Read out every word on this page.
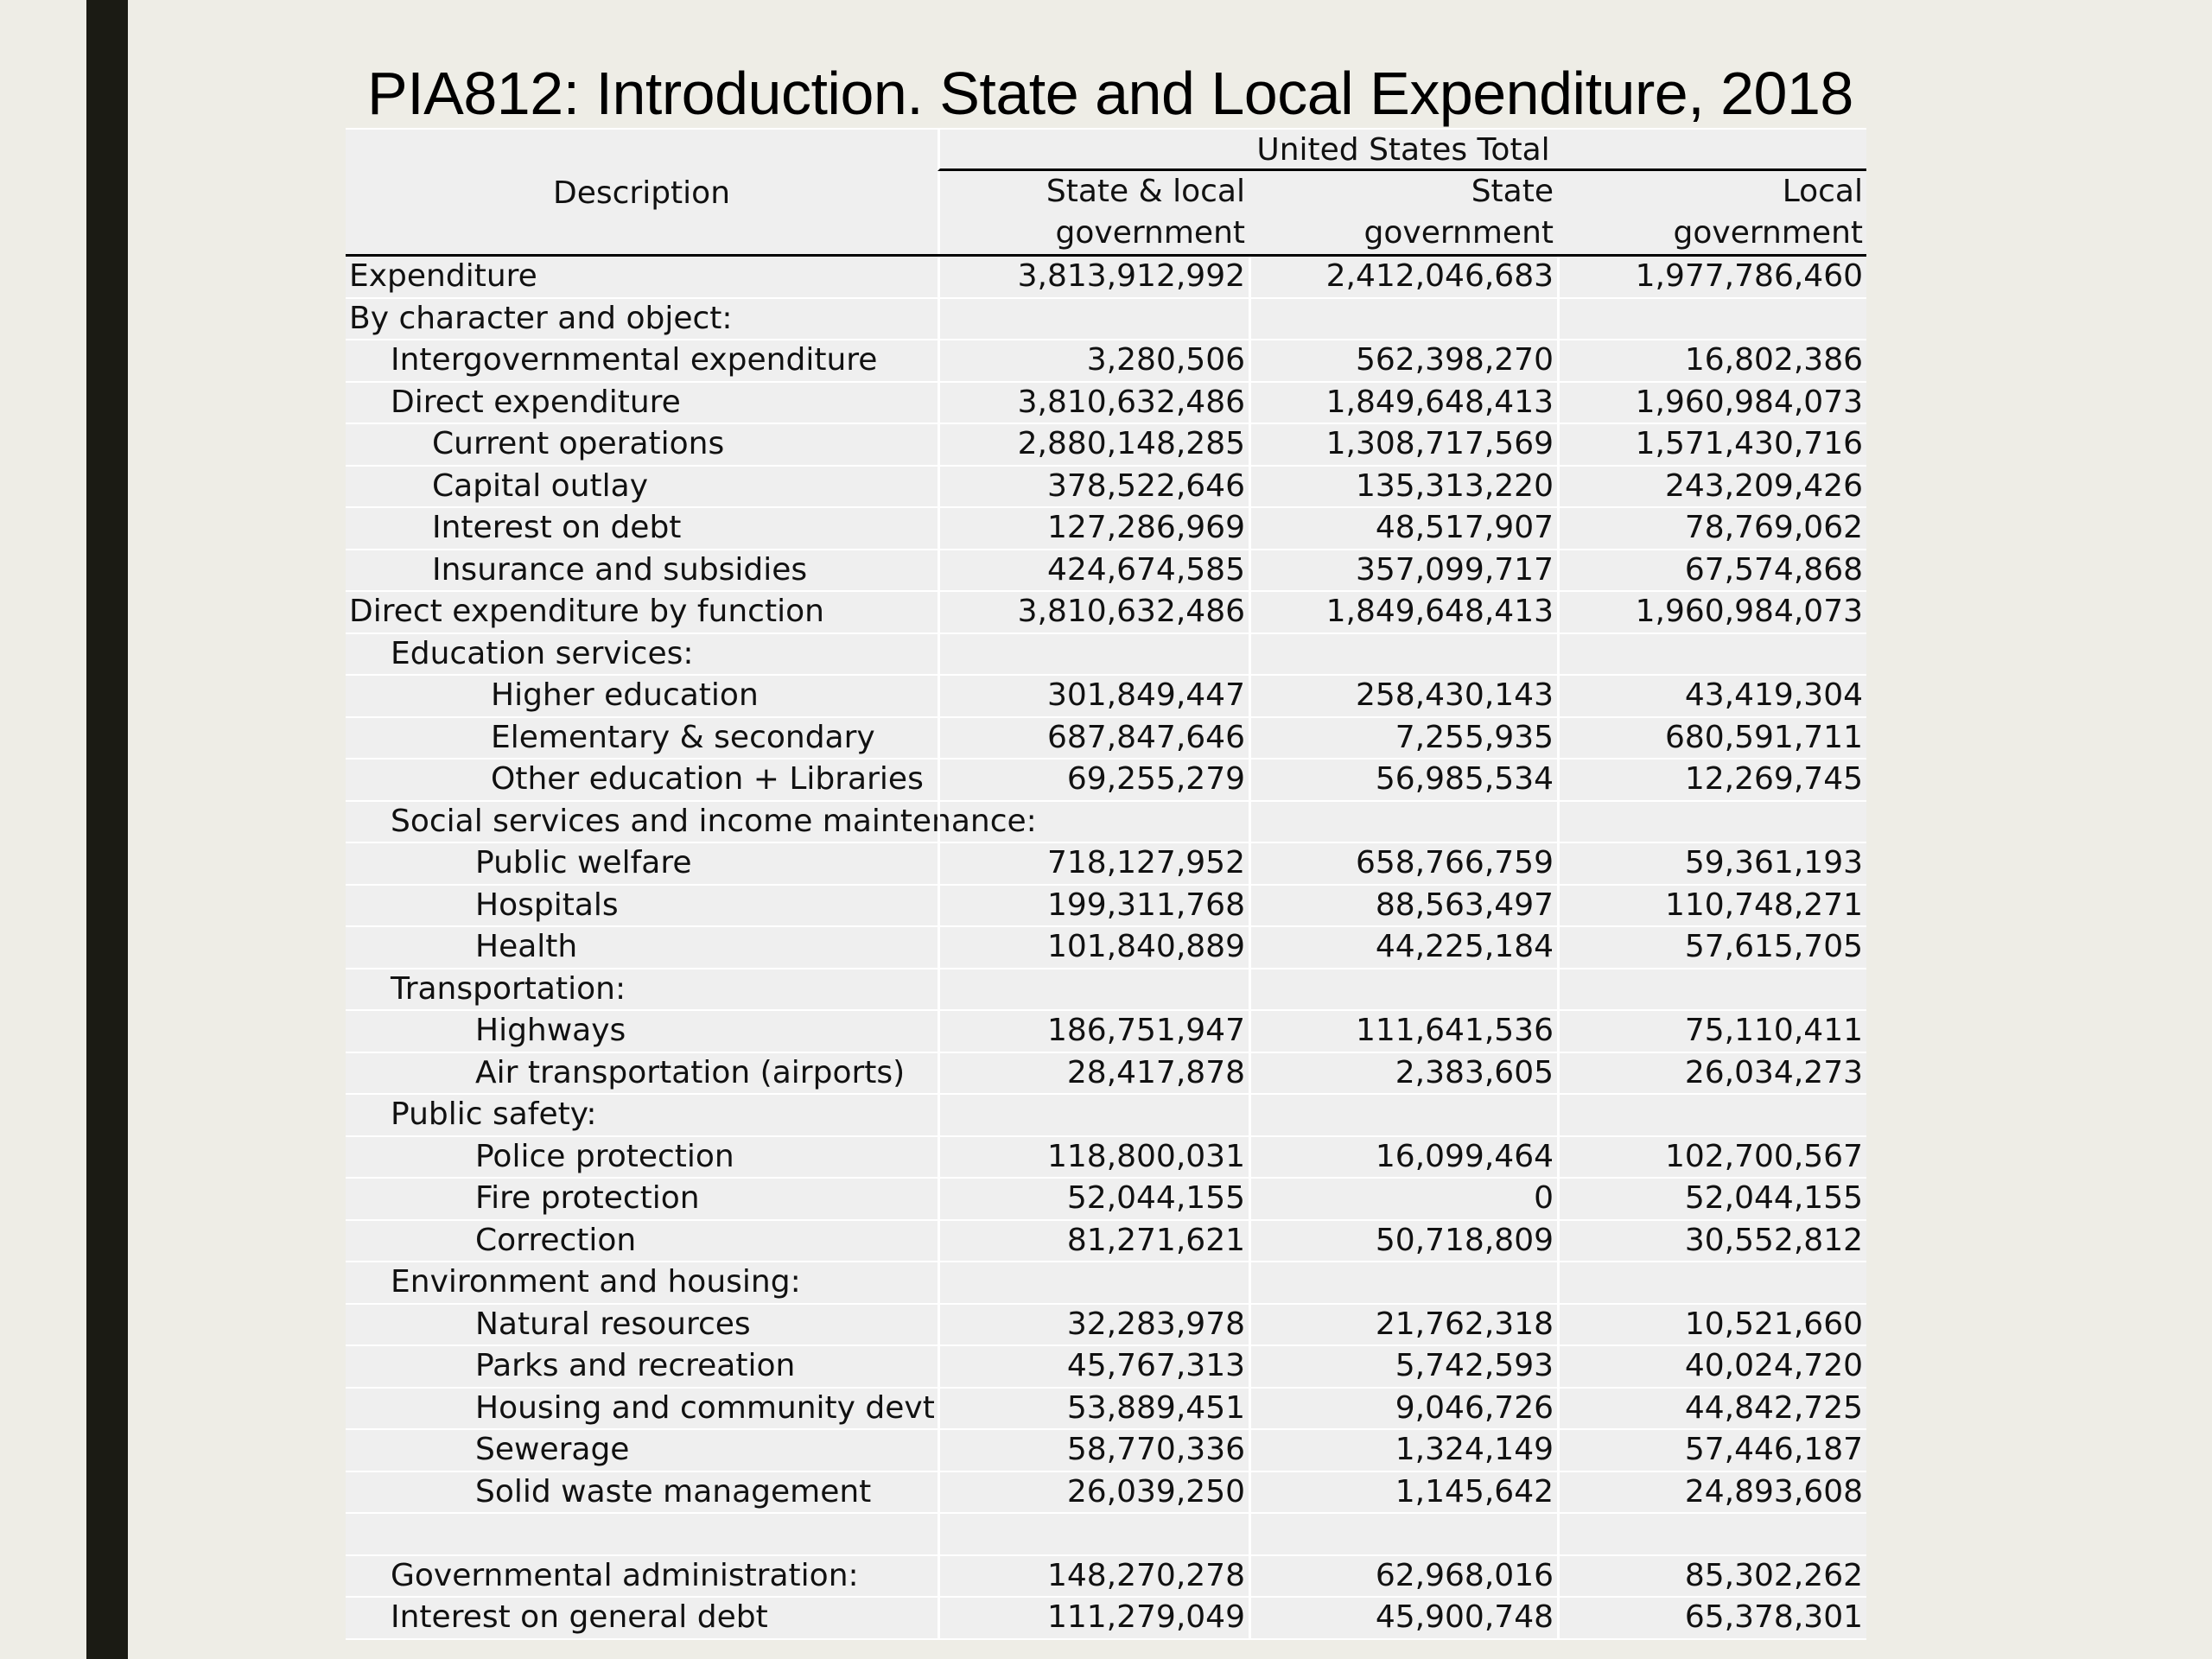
PIA812: Introduction. State and Local Expenditure, 2018
Description
United States Total
State & local	State	Local
government	government	government
Expenditure	3,813,912,992	2,412,046,683	1,977,786,460
By character and object:
Intergovernmental expenditure	3,280,506	562,398,270	16,802,386
Direct expenditure	3,810,632,486	1,849,648,413	1,960,984,073
Current operations	2,880,148,285	1,308,717,569	1,571,430,716
Capital outlay	378,522,646	135,313,220	243,209,426
Interest on debt	127,286,969	48,517,907	78,769,062
Insurance and subsidies	424,674,585	357,099,717	67,574,868
Direct expenditure by function	3,810,632,486	1,849,648,413	1,960,984,073
Education services:
Higher education	301,849,447	258,430,143	43,419,304
Elementary & secondary	687,847,646	7,255,935	680,591,711
Other education + Libraries	69,255,279	56,985,534	12,269,745
Social services and income maintenance:
Public welfare	718,127,952	658,766,759	59,361,193
Hospitals	199,311,768	88,563,497	110,748,271
Health	101,840,889	44,225,184	57,615,705
Transportation:
Highways	186,751,947	111,641,536	75,110,411
Air transportation (airports)	28,417,878	2,383,605	26,034,273
Public safety:
Police protection	118,800,031	16,099,464	102,700,567
Fire protection	52,044,155	0	52,044,155
Correction	81,271,621	50,718,809	30,552,812
Environment and housing:
Natural resources	32,283,978	21,762,318	10,521,660
Parks and recreation	45,767,313	5,742,593	40,024,720
Housing and community devt	53,889,451	9,046,726	44,842,725
Sewerage	58,770,336	1,324,149	57,446,187
Solid waste management	26,039,250	1,145,642	24,893,608
Governmental administration:	148,270,278	62,968,016	85,302,262
Interest on general debt	111,279,049	45,900,748	65,378,301
